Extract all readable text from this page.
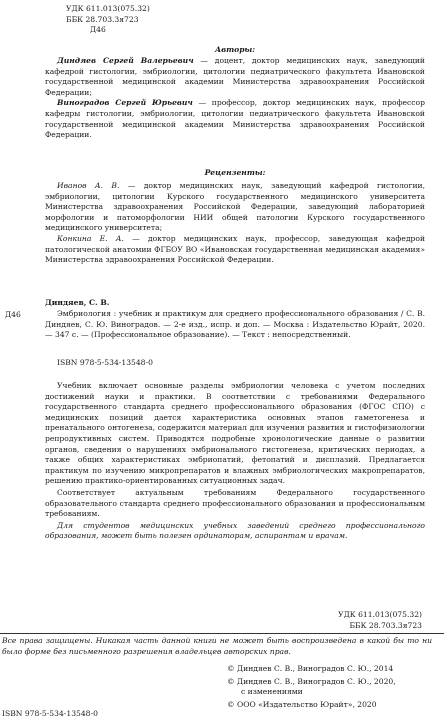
УДК 611.013(075.32)
ББК 28.703.3я723
Д46
Авторы:

Диндяев Сергей Валерьевич — доцент, доктор медицинских наук, заведующий кафедрой гистологии, эмбриологии, цитологии педиатрического факультета Ивановской государственной медицинской академии Министерства здравоохранения Российской Федерации;

Виноградов Сергей Юрьевич — профессор, доктор медицинских наук, профессор кафедры гистологии, эмбриологии, цитологии педиатрического факультета Ивановской государственной медицинской академии Министерства здравоохранения Российской Федерации.

Рецензенты:

Иванов А. В. — доктор медицинских наук, заведующий кафедрой гистологии, эмбриологии, цитологии Курского государственного медицинского университета Министерства здравоохранения Российской Федерации, заведующий лабораторией морфологии и патоморфологии НИИ общей патологии Курского государственного медицинского университета;

Конкина Е. А. — доктор медицинских наук, профессор, заведующая кафедрой патологической анатомии ФГБОУ ВО «Ивановская государственная медицинская академия» Министерства здравоохранения Российской Федерации.

Д46
Диндяев, С. В.
Эмбриология : учебник и практикум для среднего профессионального образования / С. В. Диндяев, С. Ю. Виноградов. — 2-е изд., испр. и доп. — Москва : Издательство Юрайт, 2020. — 347 с. — (Профессиональное образование). — Текст : непосредственный.
ISBN 978-5-534-13548-0

Учебник включает основные разделы эмбриологии человека с учетом последних достижений науки и практики. В соответствии с требованиями Федерального государственного стандарта среднего профессионального образования (ФГОС СПО) с медицинских позиций дается характеристика основных этапов гаметогенеза и пренатального онтогенеза, содержится материал для изучения развития и гистофизиологии репродуктивных систем. Приводятся подробные хронологические данные о развитии органов, сведения о нарушениях эмбрионального гистогенеза, критических периодах, а также общих характеристиках эмбриопатий, фетопатий и дисплазий. Предлагается практикум по изучению микропрепаратов и влажных эмбриологических макропрепаратов, решению практико-ориентированных ситуационных задач.

Соответствует актуальным требованиям Федерального государственного образовательного стандарта среднего профессионального образования и профессиональным требованиям.

Для студентов медицинских учебных заведений среднего профессионального образования, может быть полезен ординаторам, аспирантам и врачам.

УДК 611.013(075.32)
ББК 28.703.3я723
Все права защищены. Никакая часть данной книги не может быть воспроизведена в какой бы то ни было форме без письменного разрешения владельцев авторских прав.
ISBN 978-5-534-13548-0
© Диндяев С. В., Виноградов С. Ю., 2014
© Диндяев С. В., Виноградов С. Ю., 2020,
с изменениями
© ООО «Издательство Юрайт», 2020
